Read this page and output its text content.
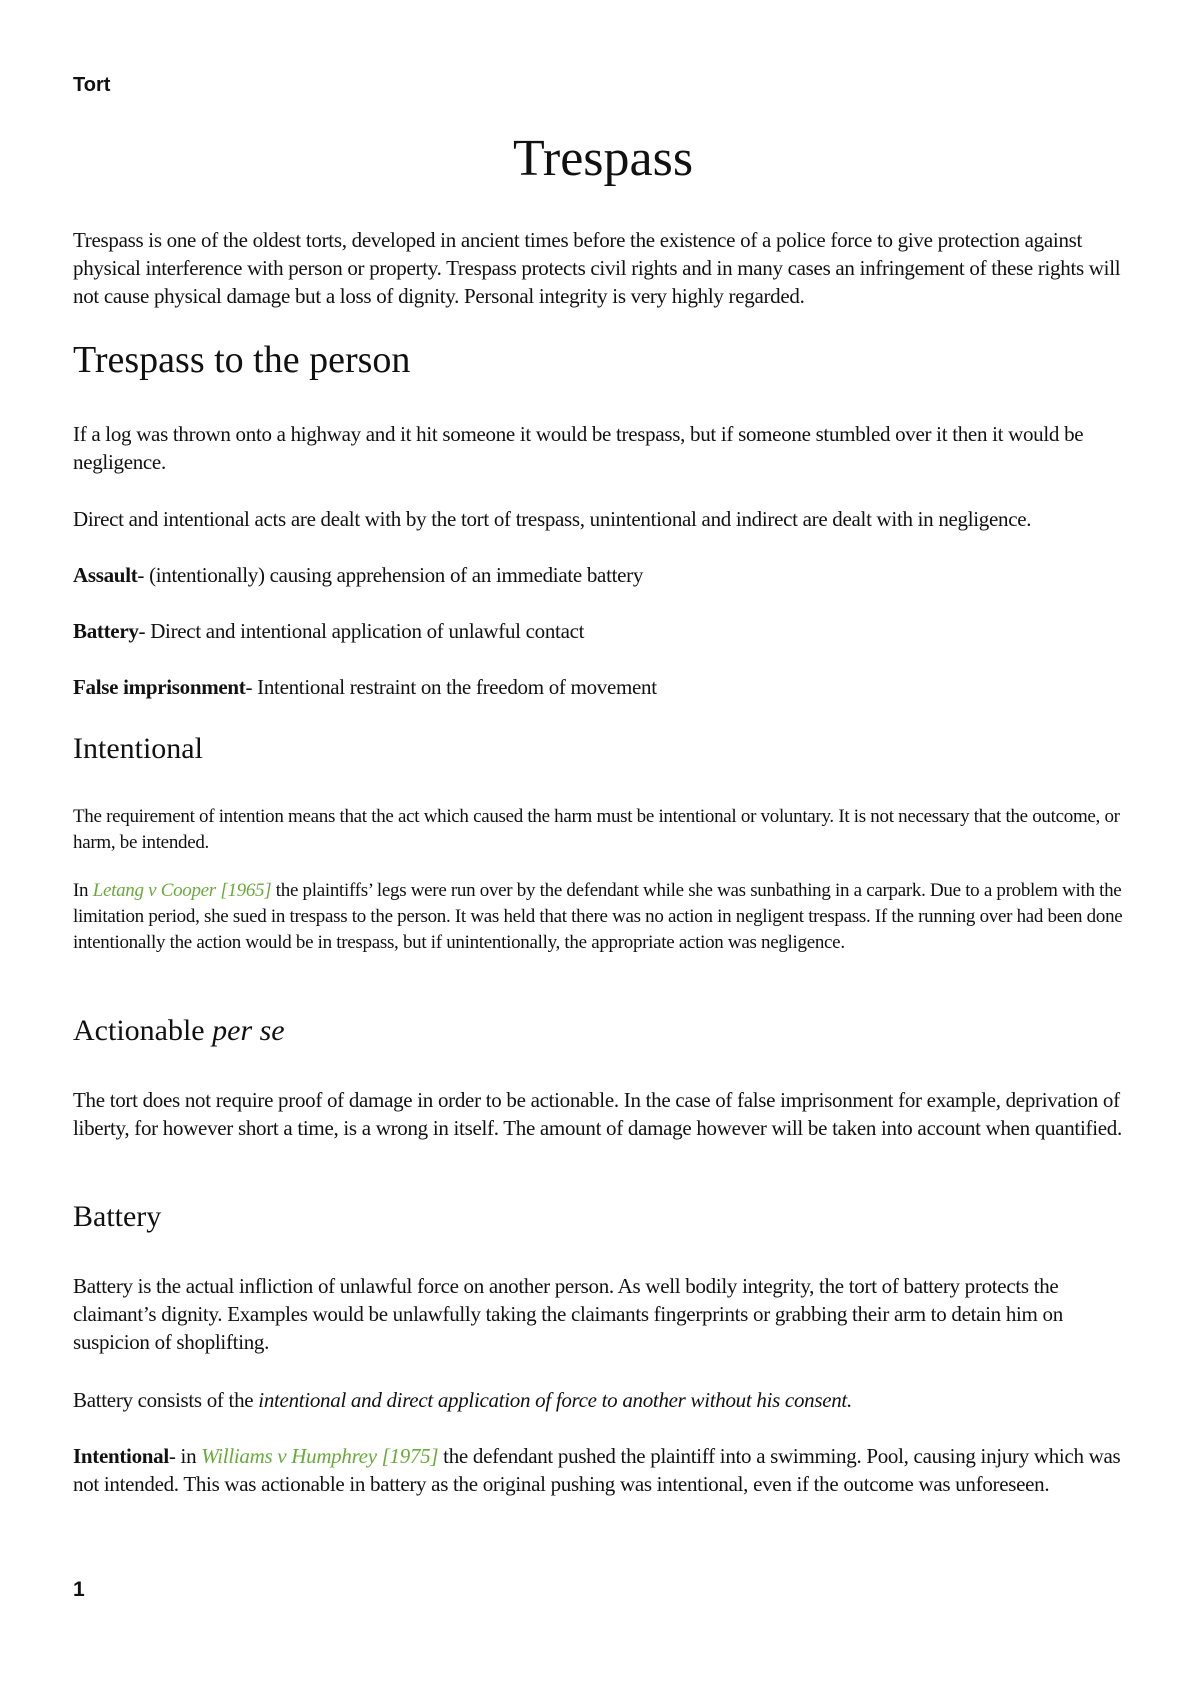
Tort
Trespass

Trespass is one of the oldest torts, developed in ancient times before the existence of a police force to give protection against physical interference with person or property. Trespass protects civil rights and in many cases an infringement of these rights will not cause physical damage but a loss of dignity. Personal integrity is very highly regarded.

Trespass to the person

If a log was thrown onto a highway and it hit someone it would be trespass, but if someone stumbled over it then it would be negligence.

Direct and intentional acts are dealt with by the tort of trespass, unintentional and indirect are dealt with in negligence.

Assault- (intentionally) causing apprehension of an immediate battery

Battery- Direct and intentional application of unlawful contact

False imprisonment- Intentional restraint on the freedom of movement

Intentional

The requirement of intention means that the act which caused the harm must be intentional or voluntary. It is not necessary that the outcome, or harm, be intended.

In Letang v Cooper [1965] the plaintiffs’ legs were run over by the defendant while she was sunbathing in a carpark. Due to a problem with the limitation period, she sued in trespass to the person. It was held that there was no action in negligent trespass. If the running over had been done intentionally the action would be in trespass, but if unintentionally, the appropriate action was negligence.

Actionable per se

The tort does not require proof of damage in order to be actionable. In the case of false imprisonment for example, deprivation of liberty, for however short a time, is a wrong in itself. The amount of damage however will be taken into account when quantified.

Battery

Battery is the actual infliction of unlawful force on another person. As well bodily integrity, the tort of battery protects the claimant’s dignity. Examples would be unlawfully taking the claimants fingerprints or grabbing their arm to detain him on suspicion of shoplifting.

Battery consists of the intentional and direct application of force to another without his consent.

Intentional- in Williams v Humphrey [1975] the defendant pushed the plaintiff into a swimming. Pool, causing injury which was not intended. This was actionable in battery as the original pushing was intentional, even if the outcome was unforeseen.

1
